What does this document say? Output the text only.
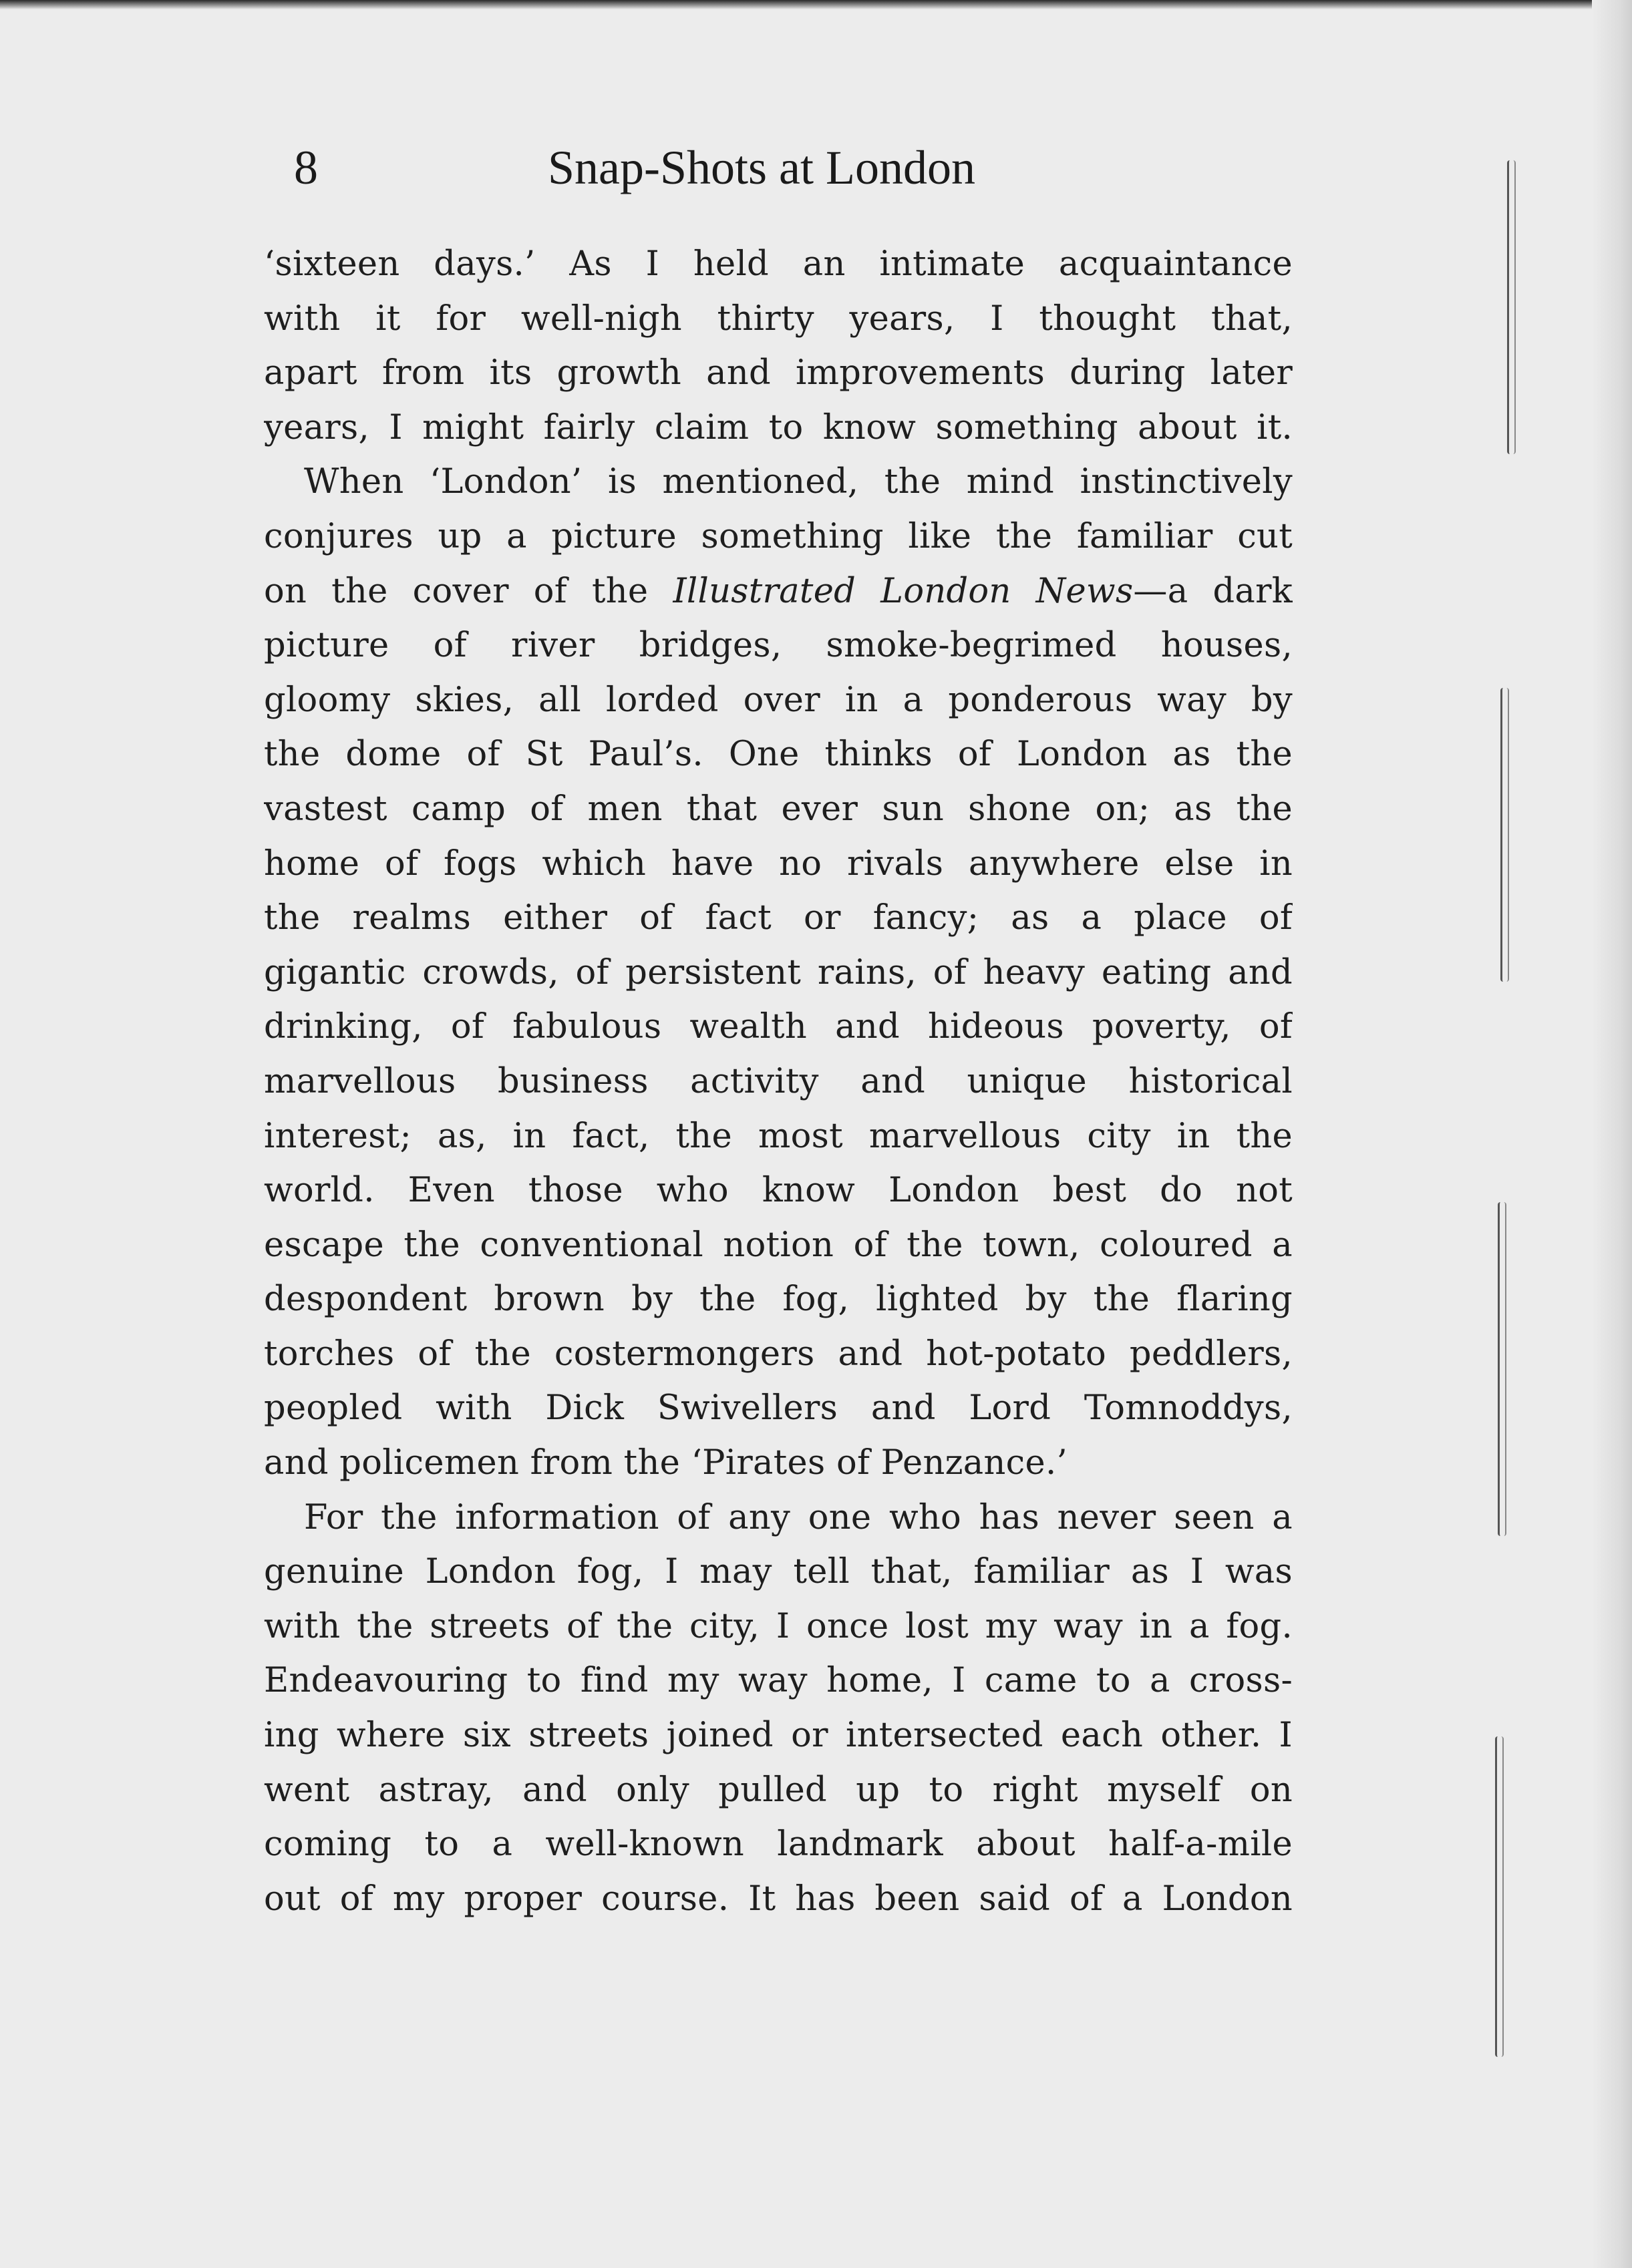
8	Snap-Shots at London
‘sixteen days.’ As I held an intimate acquaintance
with it for well-nigh thirty years, I thought that,
apart from its growth and improvements during later
years, I might fairly claim to know something about it.
When ‘London’ is mentioned, the mind instinctively
conjures up a picture something like the familiar cut
on the cover of the Illustrated London News—a dark
picture of river bridges, smoke-begrimed houses,
gloomy skies, all lorded over in a ponderous way by
the dome of St Paul’s. One thinks of London as the
vastest camp of men that ever sun shone on; as the
home of fogs which have no rivals anywhere else in
the realms either of fact or fancy; as a place of
gigantic crowds, of persistent rains, of heavy eating and
drinking, of fabulous wealth and hideous poverty, of
marvellous business activity and unique historical
interest; as, in fact, the most marvellous city in the
world. Even those who know London best do not
escape the conventional notion of the town, coloured a
despondent brown by the fog, lighted by the flaring
torches of the costermongers and hot-potato peddlers,
peopled with Dick Swivellers and Lord Tomnoddys,
and policemen from the ‘Pirates of Penzance.’
For the information of any one who has never seen a
genuine London fog, I may tell that, familiar as I was
with the streets of the city, I once lost my way in a fog.
Endeavouring to find my way home, I came to a cross-
ing where six streets joined or intersected each other. I
went astray, and only pulled up to right myself on
coming to a well-known landmark about half-a-mile
out of my proper course. It has been said of a London
